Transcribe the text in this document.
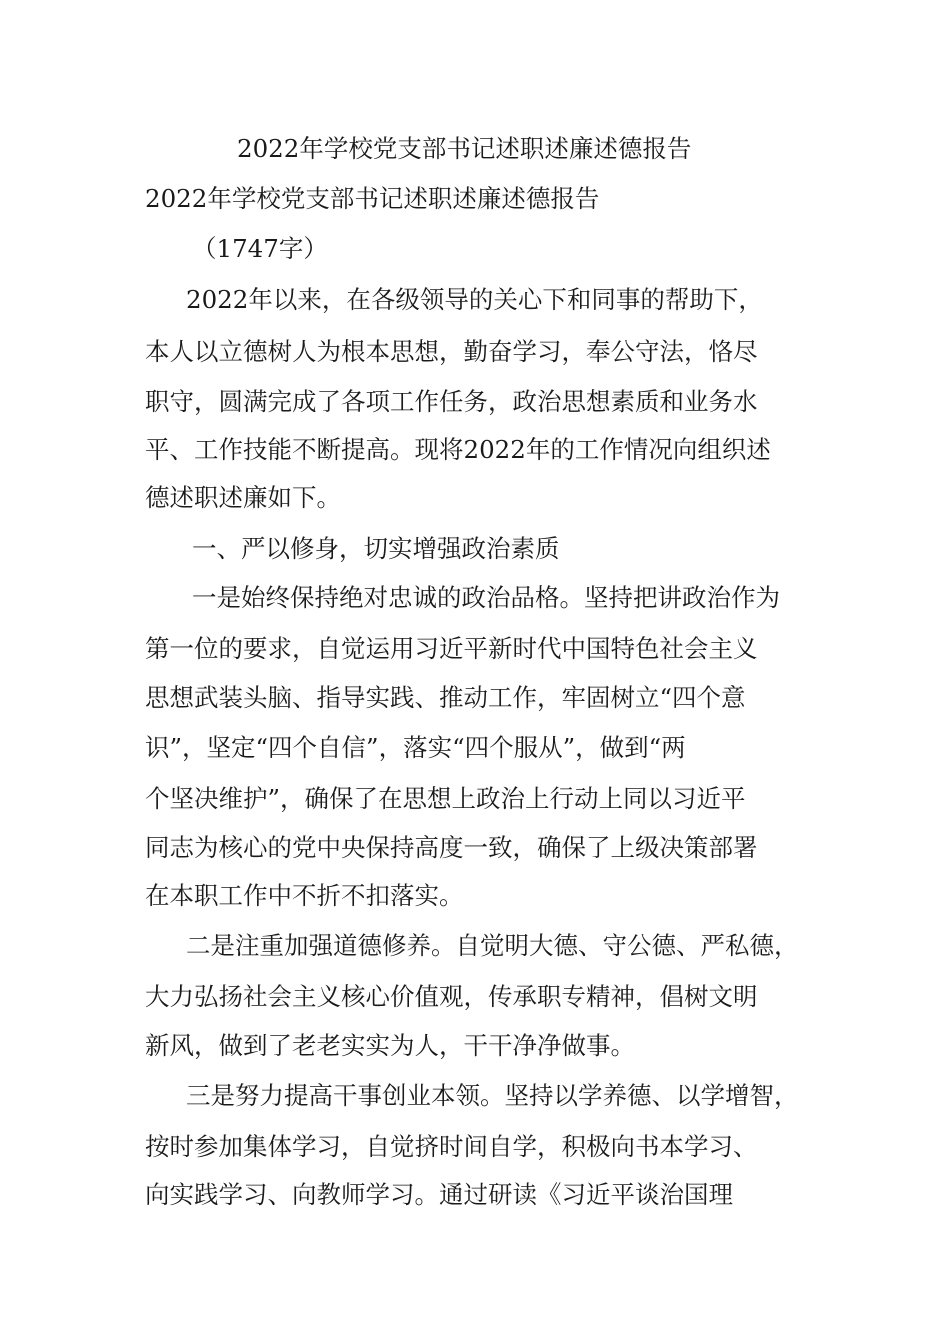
2022年学校党支部书记述职述廉述德报告

2022年学校党支部书记述职述廉述德报告

（1747字）

2022年以来，在各级领导的关心下和同事的帮助下，

本人以立德树人为根本思想，勤奋学习，奉公守法，恪尽

职守，圆满完成了各项工作任务，政治思想素质和业务水

平、工作技能不断提高。现将2022年的工作情况向组织述

德述职述廉如下。

一、严以修身，切实增强政治素质

一是始终保持绝对忠诚的政治品格。坚持把讲政治作为

第一位的要求，自觉运用习近平新时代中国特色社会主义

思想武装头脑、指导实践、推动工作，牢固树立“四个意

识”，坚定“四个自信”，落实“四个服从”，做到“两

个坚决维护”，确保了在思想上政治上行动上同以习近平

同志为核心的党中央保持高度一致，确保了上级决策部署

在本职工作中不折不扣落实。

二是注重加强道德修养。自觉明大德、守公德、严私德，

大力弘扬社会主义核心价值观，传承职专精神，倡树文明

新风，做到了老老实实为人，干干净净做事。

三是努力提高干事创业本领。坚持以学养德、以学增智，

按时参加集体学习，自觉挤时间自学，积极向书本学习、

向实践学习、向教师学习。通过研读《习近平谈治国理
